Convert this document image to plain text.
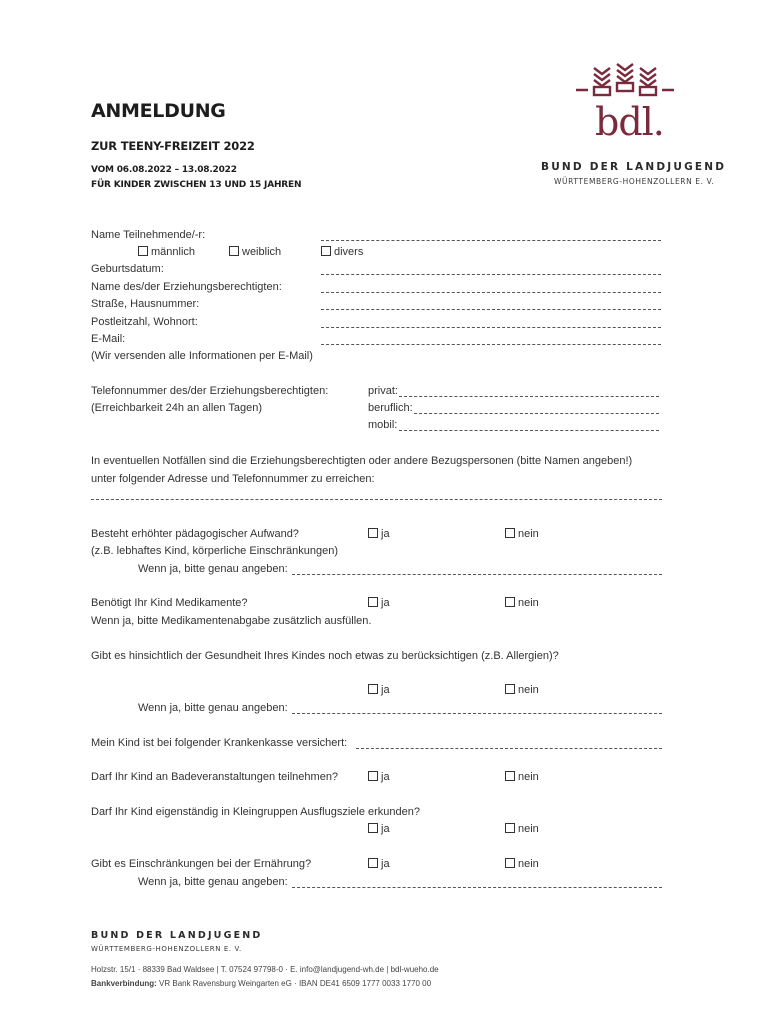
ANMELDUNG
ZUR TEENY-FREIZEIT 2022
VOM 06.08.2022 – 13.08.2022
FÜR KINDER ZWISCHEN 13 UND 15 JAHREN
bdl.
BUND DER LANDJUGEND
WÜRTTEMBERG-HOHENZOLLERN E. V.
Name Teilnehmende/-r:
männlich	weiblich	divers
Geburtsdatum:
Name des/der Erziehungsberechtigten:
Straße, Hausnummer:
Postleitzahl, Wohnort:
E-Mail:
(Wir versenden alle Informationen per E-Mail)
Telefonnummer des/der Erziehungsberechtigten:
(Erreichbarkeit 24h an allen Tagen)
privat:
beruflich:
mobil:
In eventuellen Notfällen sind die Erziehungsberechtigten oder andere Bezugspersonen (bitte Namen angeben!)
unter folgender Adresse und Telefonnummer zu erreichen:
Besteht erhöhter pädagogischer Aufwand?	ja	nein
(z.B. lebhaftes Kind, körperliche Einschränkungen)
Wenn ja, bitte genau angeben:
Benötigt Ihr Kind Medikamente?	ja	nein
Wenn ja, bitte Medikamentenabgabe zusätzlich ausfüllen.
Gibt es hinsichtlich der Gesundheit Ihres Kindes noch etwas zu berücksichtigen (z.B. Allergien)?
ja	nein
Wenn ja, bitte genau angeben:
Mein Kind ist bei folgender Krankenkasse versichert:
Darf Ihr Kind an Badeveranstaltungen teilnehmen?	ja	nein
Darf Ihr Kind eigenständig in Kleingruppen Ausflugsziele erkunden?
ja	nein
Gibt es Einschränkungen bei der Ernährung?	ja	nein
Wenn ja, bitte genau angeben:
BUND DER LANDJUGEND
WÜRTTEMBERG-HOHENZOLLERN E. V.
Holzstr. 15/1 · 88339 Bad Waldsee | T. 07524 97798-0 · E. info@landjugend-wh.de | bdl-wueho.de
Bankverbindung: VR Bank Ravensburg Weingarten eG · IBAN DE41 6509 1777 0033 1770 00
